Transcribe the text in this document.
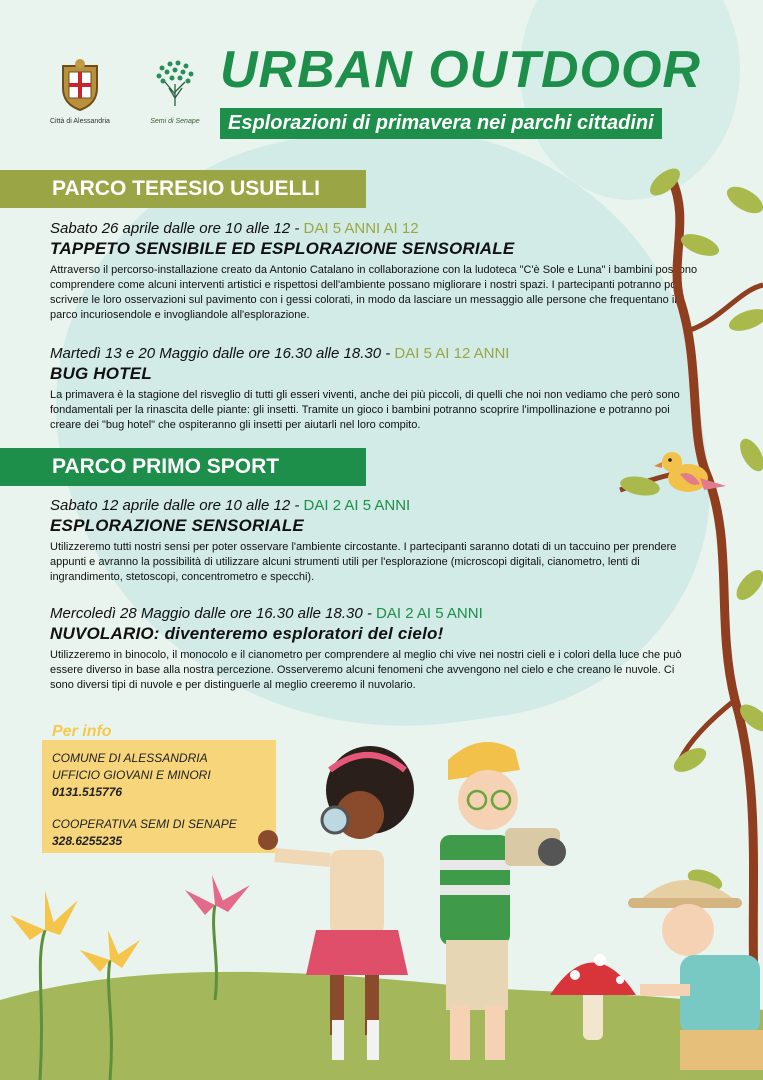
Città di Alessandria	Semi di Senape
URBAN OUTDOOR
Esplorazioni di primavera nei parchi cittadini
PARCO TERESIO USUELLI
Sabato 26 aprile dalle ore 10 alle 12 - DAI 5 ANNI AI 12
TAPPETO SENSIBILE ED ESPLORAZIONE SENSORIALE

Attraverso il percorso-installazione creato da Antonio Catalano in collaborazione con la ludoteca "C'è Sole e Luna" i bambini possono comprendere come alcuni interventi artistici e rispettosi dell'ambiente possano migliorare i nostri spazi. I partecipanti potranno poi scrivere le loro osservazioni sul pavimento con i gessi colorati, in modo da lasciare un messaggio alle persone che frequentano il parco incuriosendole e invogliandole all'esplorazione.

Martedì 13 e 20 Maggio dalle ore 16.30 alle 18.30 - DAI 5 AI 12 ANNI
BUG HOTEL

La primavera è la stagione del risveglio di tutti gli esseri viventi, anche dei più piccoli, di quelli che noi non vediamo che però sono fondamentali per la rinascita delle piante: gli insetti. Tramite un gioco i bambini potranno scoprire l'impollinazione e potranno poi creare dei "bug hotel" che ospiteranno gli insetti per aiutarli nel loro compito.

PARCO PRIMO SPORT
Sabato 12 aprile dalle ore 10 alle 12 - DAI 2 AI 5 ANNI
ESPLORAZIONE SENSORIALE

Utilizzeremo tutti nostri sensi per poter osservare l'ambiente circostante. I partecipanti saranno dotati di un taccuino per prendere appunti e avranno la possibilità di utilizzare alcuni strumenti utili per l'esplorazione (microscopi digitali, cianometro, lenti di ingrandimento, stetoscopi, concentrometro e specchi).

Mercoledì 28 Maggio dalle ore 16.30 alle 18.30 - DAI 2 AI 5 ANNI
NUVOLARIO: diventeremo esploratori del cielo!

Utilizzeremo in binocolo, il monocolo e il cianometro per comprendere al meglio chi vive nei nostri cieli e i colori della luce che può essere diverso in base alla nostra percezione. Osserveremo alcuni fenomeni che avvengono nel cielo e che creano le nuvole. Ci sono diversi tipi di nuvole e per distinguerle al meglio creeremo il nuvolario.

Per info
COMUNE DI ALESSANDRIA
UFFICIO GIOVANI E MINORI
0131.515776
COOPERATIVA SEMI DI SENAPE
328.6255235
